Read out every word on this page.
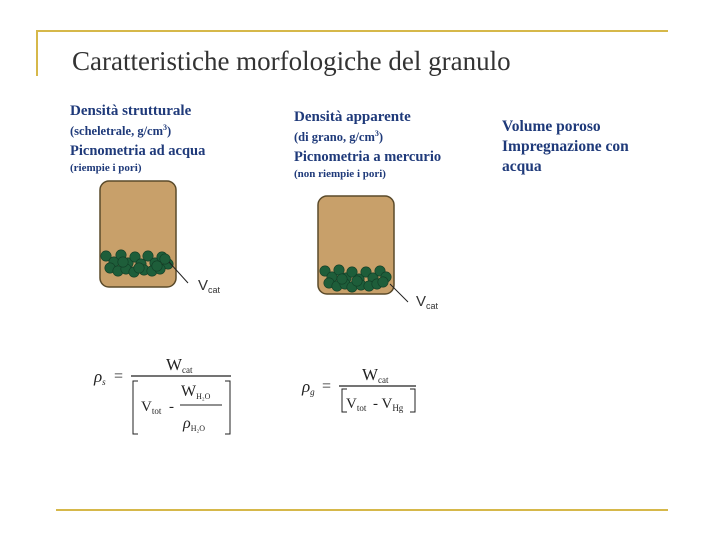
Caratteristiche morfologiche del granulo
Densità strutturale
(scheletrale, $g/cm^3$)
Picnometria ad acqua
(riempie i pori)
Densità apparente
(di grano, $g/cm^3$)
Picnometria a mercurio
(non riempie i pori)
Volume poroso
Impregnazione con
acqua
$V_{cat}$
$V_{cat}$
ρs =
Wcat
$V_{tot}$ -
WH₂O
ρH₂O
ρg =
Wcat
$V_{tot} - V_{Hg}$
